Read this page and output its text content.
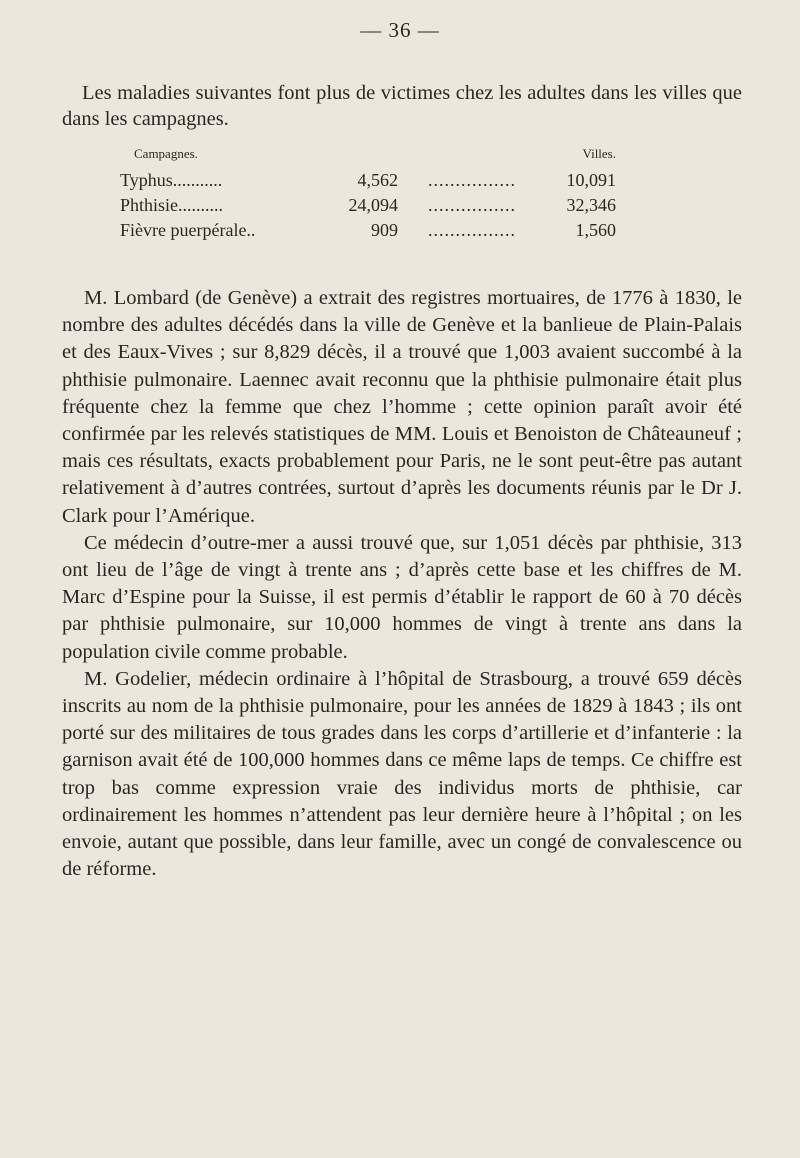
— 36 —

Les maladies suivantes font plus de victimes chez les adultes dans les villes que dans les campagnes.

Campagnes.	Villes.
Typhus...........	4,562 ................	10,091
Phthisie..........	24,094 ................	32,346
Fièvre puerpérale..	909 ................	1,560

M. Lombard (de Genève) a extrait des registres mortuaires, de 1776 à 1830, le nombre des adultes décédés dans la ville de Genève et la banlieue de Plain-Palais et des Eaux-Vives ; sur 8,829 décès, il a trouvé que 1,003 avaient succombé à la phthisie pulmonaire. Laennec avait reconnu que la phthisie pulmonaire était plus fréquente chez la femme que chez l’homme ; cette opinion paraît avoir été confirmée par les relevés statistiques de MM. Louis et Benoiston de Châteauneuf ; mais ces résultats, exacts probablement pour Paris, ne le sont peut-être pas autant relativement à d’autres contrées, surtout d’après les documents réunis par le Dr J. Clark pour l’Amérique.

Ce médecin d’outre-mer a aussi trouvé que, sur 1,051 décès par phthisie, 313 ont lieu de l’âge de vingt à trente ans ; d’après cette base et les chiffres de M. Marc d’Espine pour la Suisse, il est permis d’établir le rapport de 60 à 70 décès par phthisie pulmonaire, sur 10,000 hommes de vingt à trente ans dans la population civile comme probable.

M. Godelier, médecin ordinaire à l’hôpital de Strasbourg, a trouvé 659 décès inscrits au nom de la phthisie pulmonaire, pour les années de 1829 à 1843 ; ils ont porté sur des militaires de tous grades dans les corps d’artillerie et d’infanterie : la garnison avait été de 100,000 hommes dans ce même laps de temps. Ce chiffre est trop bas comme expression vraie des individus morts de phthisie, car ordinairement les hommes n’attendent pas leur dernière heure à l’hôpital ; on les envoie, autant que possible, dans leur famille, avec un congé de convalescence ou de réforme.
